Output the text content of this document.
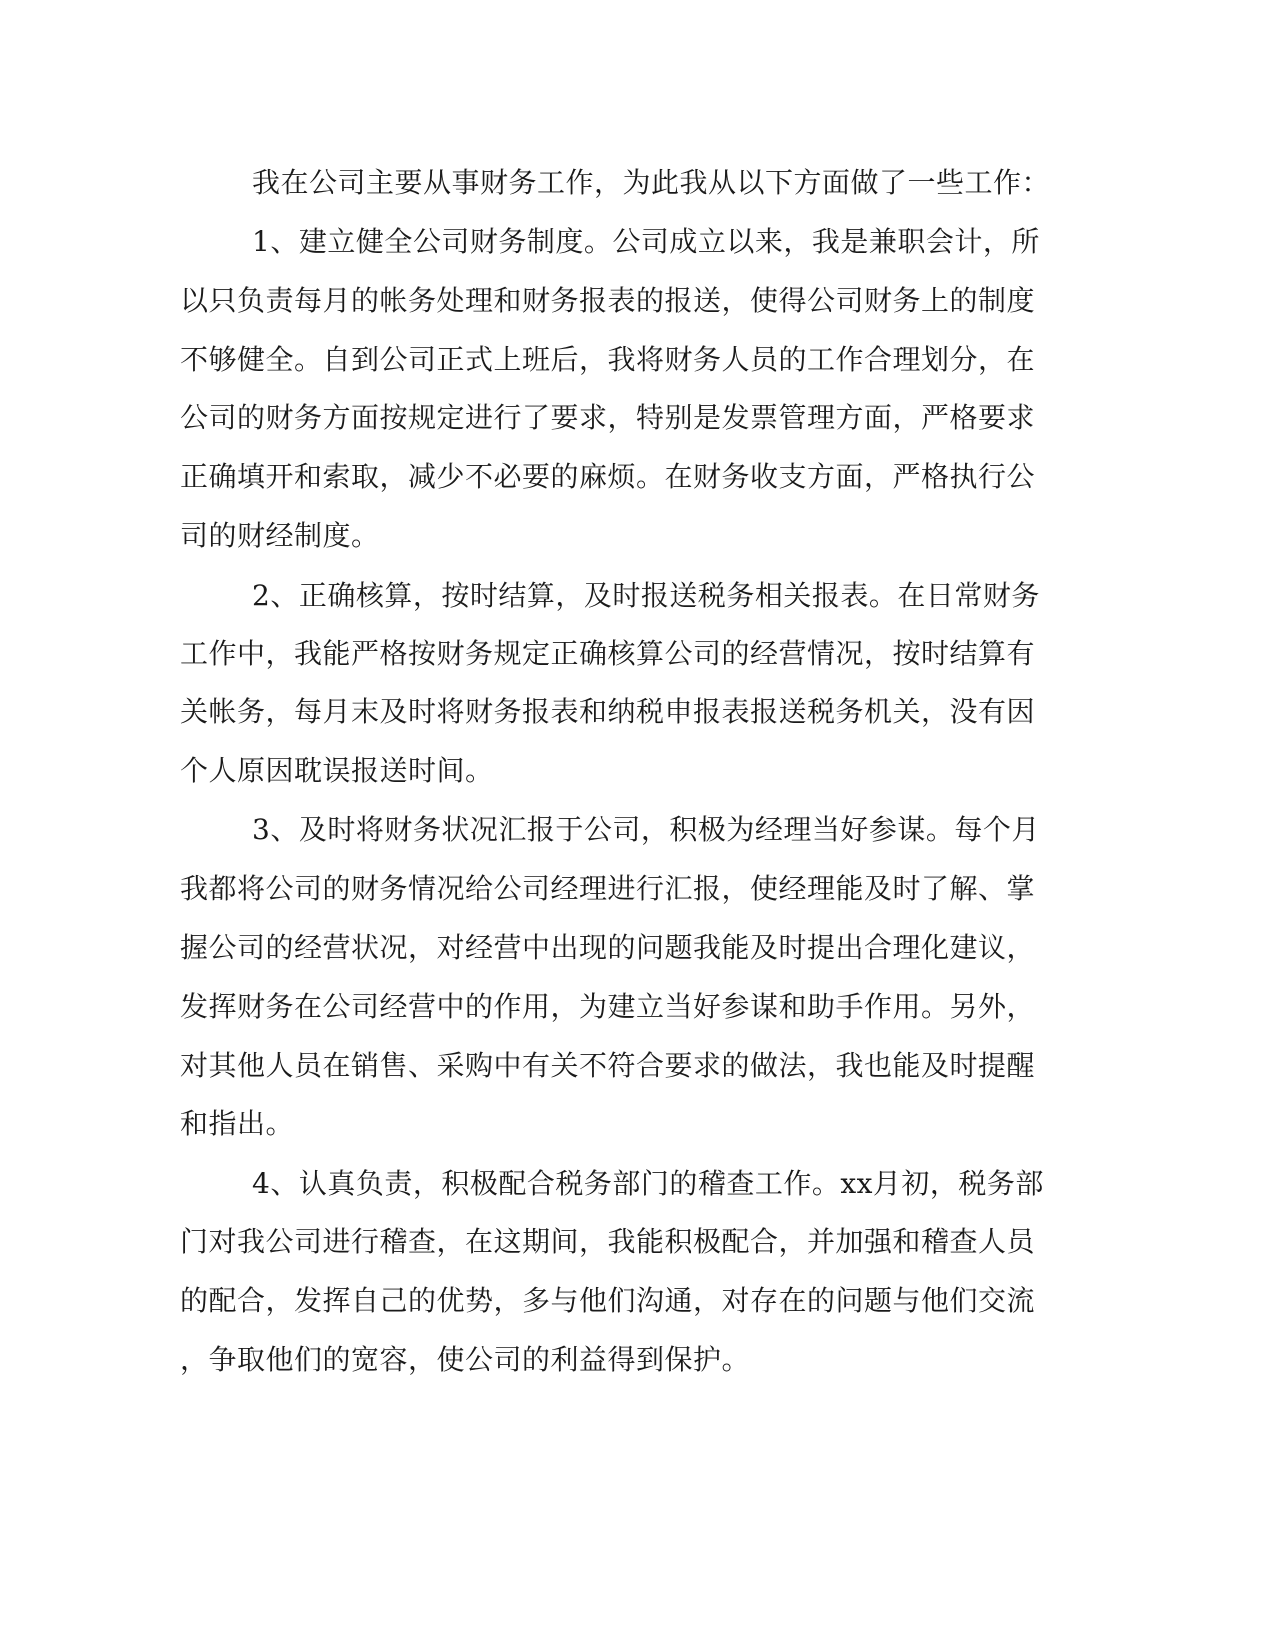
我在公司主要从事财务工作，为此我从以下方面做了一些工作：
1、建立健全公司财务制度。公司成立以来，我是兼职会计，所
以只负责每月的帐务处理和财务报表的报送，使得公司财务上的制度
不够健全。自到公司正式上班后，我将财务人员的工作合理划分，在
公司的财务方面按规定进行了要求，特别是发票管理方面，严格要求
正确填开和索取，减少不必要的麻烦。在财务收支方面，严格执行公
司的财经制度。
2、正确核算，按时结算，及时报送税务相关报表。在日常财务
工作中，我能严格按财务规定正确核算公司的经营情况，按时结算有
关帐务，每月末及时将财务报表和纳税申报表报送税务机关，没有因
个人原因耽误报送时间。
3、及时将财务状况汇报于公司，积极为经理当好参谋。每个月
我都将公司的财务情况给公司经理进行汇报，使经理能及时了解、掌
握公司的经营状况，对经营中出现的问题我能及时提出合理化建议，
发挥财务在公司经营中的作用，为建立当好参谋和助手作用。另外，
对其他人员在销售、采购中有关不符合要求的做法，我也能及时提醒
和指出。
4、认真负责，积极配合税务部门的稽查工作。xx月初，税务部
门对我公司进行稽查，在这期间，我能积极配合，并加强和稽查人员
的配合，发挥自己的优势，多与他们沟通，对存在的问题与他们交流
，争取他们的宽容，使公司的利益得到保护。
